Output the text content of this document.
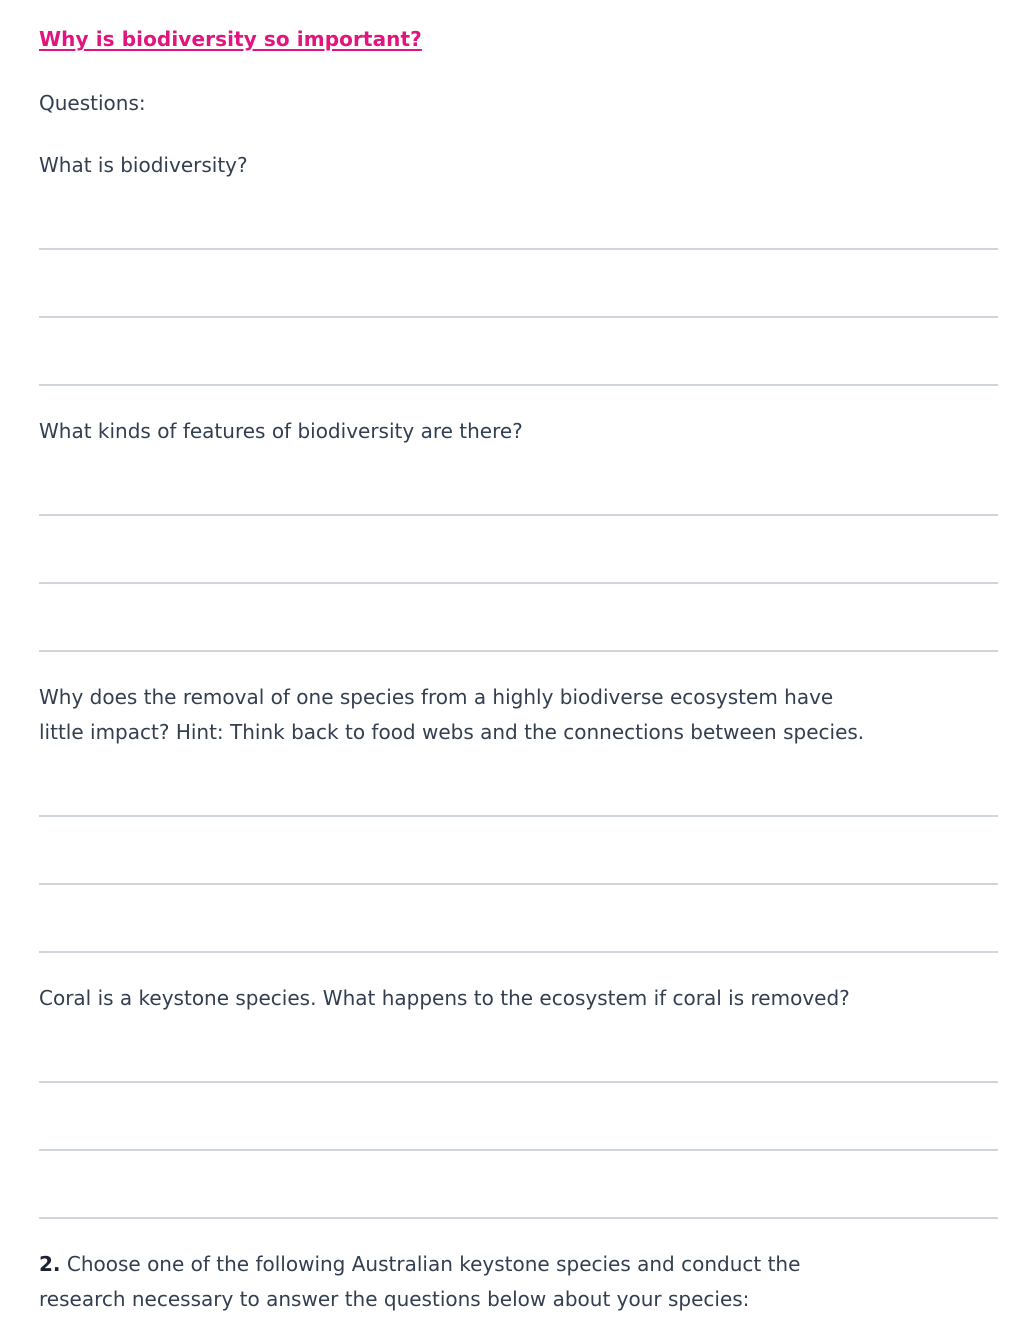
Why is biodiversity so important?
Questions:
What is biodiversity?
What kinds of features of biodiversity are there?
Why does the removal of one species from a highly biodiverse ecosystem have
little impact? Hint: Think back to food webs and the connections between species.
Coral is a keystone species. What happens to the ecosystem if coral is removed?
2. Choose one of the following Australian keystone species and conduct the
research necessary to answer the questions below about your species:
